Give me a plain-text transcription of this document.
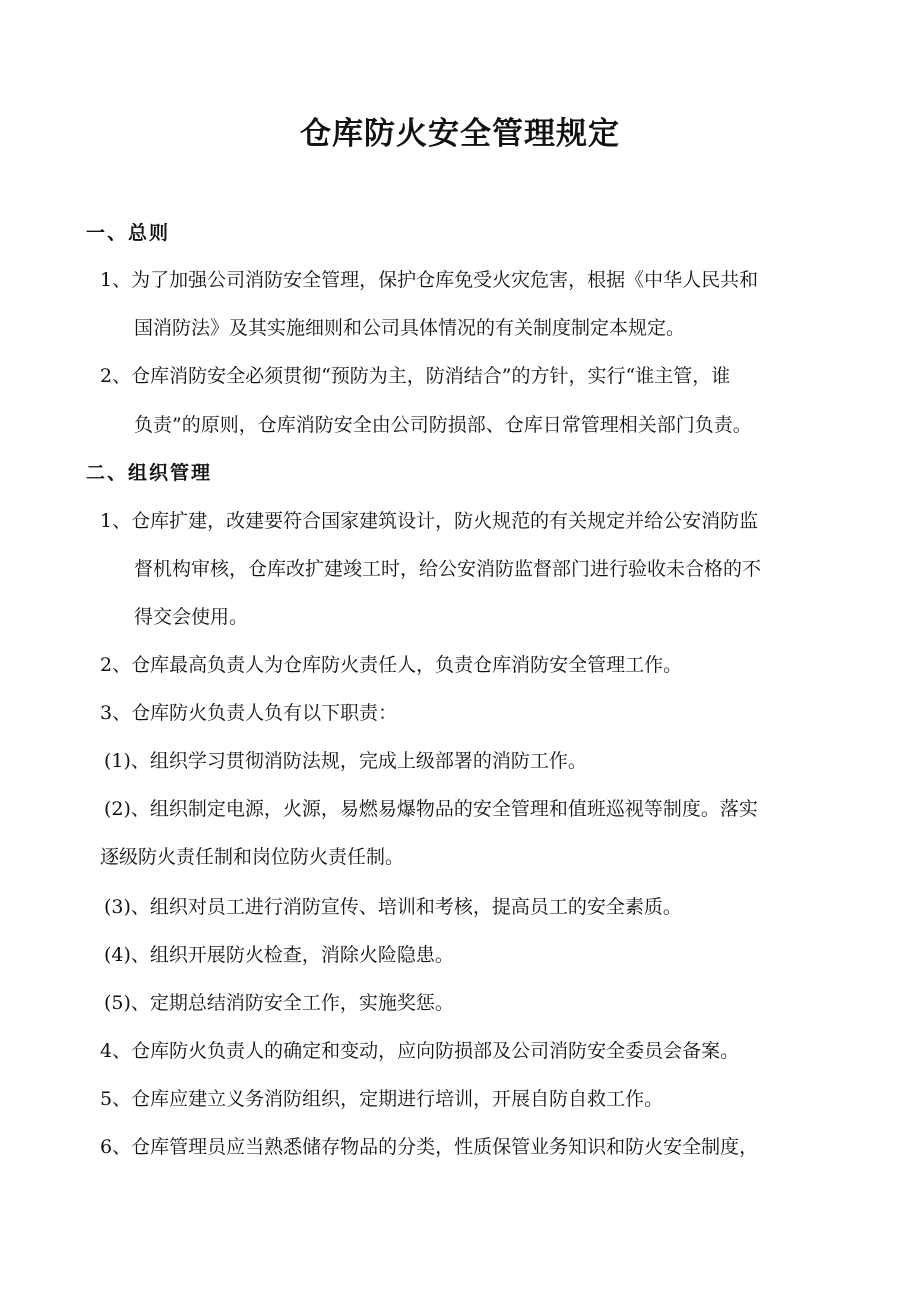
仓库防火安全管理规定
一、总则
1、为了加强公司消防安全管理，保护仓库免受火灾危害，根据《中华人民共和
国消防法》及其实施细则和公司具体情况的有关制度制定本规定。
2、仓库消防安全必须贯彻“预防为主，防消结合”的方针，实行“谁主管，谁
负责”的原则，仓库消防安全由公司防损部、仓库日常管理相关部门负责。
二、组织管理
1、仓库扩建，改建要符合国家建筑设计，防火规范的有关规定并给公安消防监
督机构审核，仓库改扩建竣工时，给公安消防监督部门进行验收未合格的不
得交会使用。
2、仓库最高负责人为仓库防火责任人，负责仓库消防安全管理工作。
3、仓库防火负责人负有以下职责：
(1)、组织学习贯彻消防法规，完成上级部署的消防工作。
(2)、组织制定电源，火源，易燃易爆物品的安全管理和值班巡视等制度。落实
逐级防火责任制和岗位防火责任制。
(3)、组织对员工进行消防宣传、培训和考核，提高员工的安全素质。
(4)、组织开展防火检查，消除火险隐患。
(5)、定期总结消防安全工作，实施奖惩。
4、仓库防火负责人的确定和变动，应向防损部及公司消防安全委员会备案。
5、仓库应建立义务消防组织，定期进行培训，开展自防自救工作。
6、仓库管理员应当熟悉储存物品的分类，性质保管业务知识和防火安全制度，
